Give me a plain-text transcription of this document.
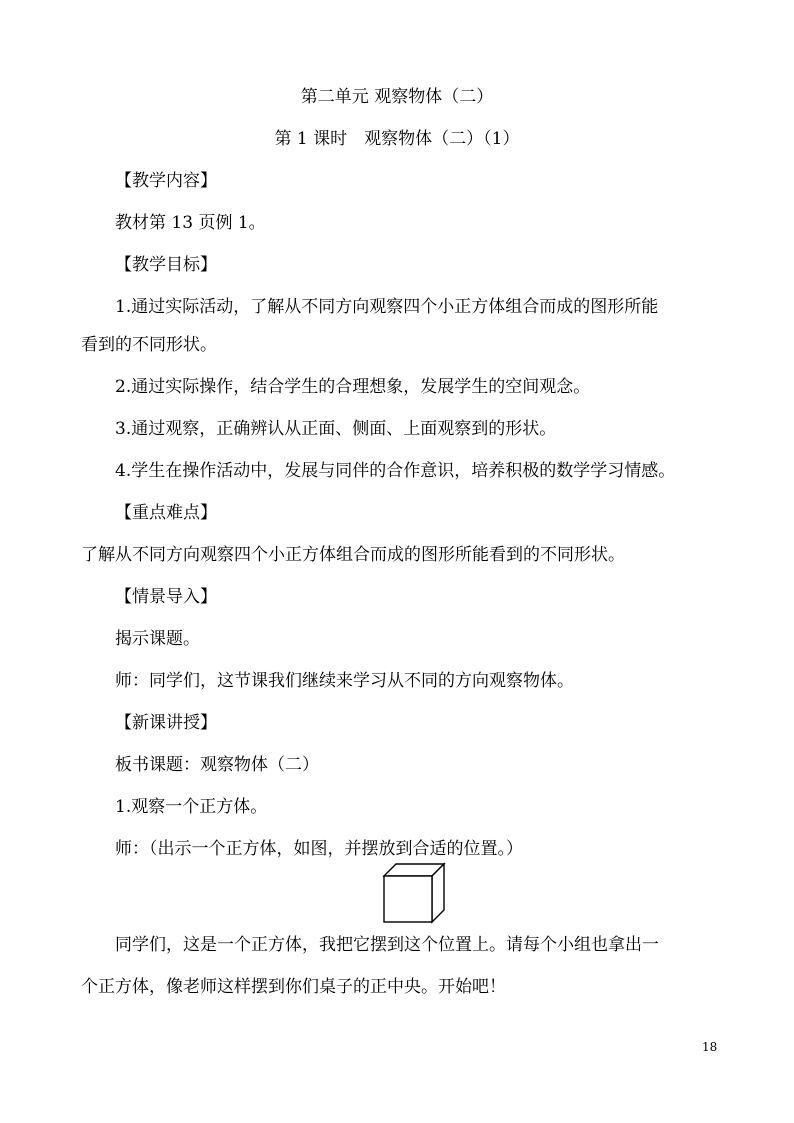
第二单元 观察物体（二）
第 1 课时　观察物体（二）（1）
【教学内容】
教材第 13 页例 1。
【教学目标】
1.通过实际活动，了解从不同方向观察四个小正方体组合而成的图形所能
看到的不同形状。
2.通过实际操作，结合学生的合理想象，发展学生的空间观念。
3.通过观察，正确辨认从正面、侧面、上面观察到的形状。
4.学生在操作活动中，发展与同伴的合作意识，培养积极的数学学习情感。
【重点难点】
了解从不同方向观察四个小正方体组合而成的图形所能看到的不同形状。
【情景导入】
揭示课题。
师：同学们，这节课我们继续来学习从不同的方向观察物体。
【新课讲授】
板书课题：观察物体（二）
1.观察一个正方体。
师：（出示一个正方体，如图，并摆放到合适的位置。）
同学们，这是一个正方体，我把它摆到这个位置上。请每个小组也拿出一
个正方体，像老师这样摆到你们桌子的正中央。开始吧！
18
